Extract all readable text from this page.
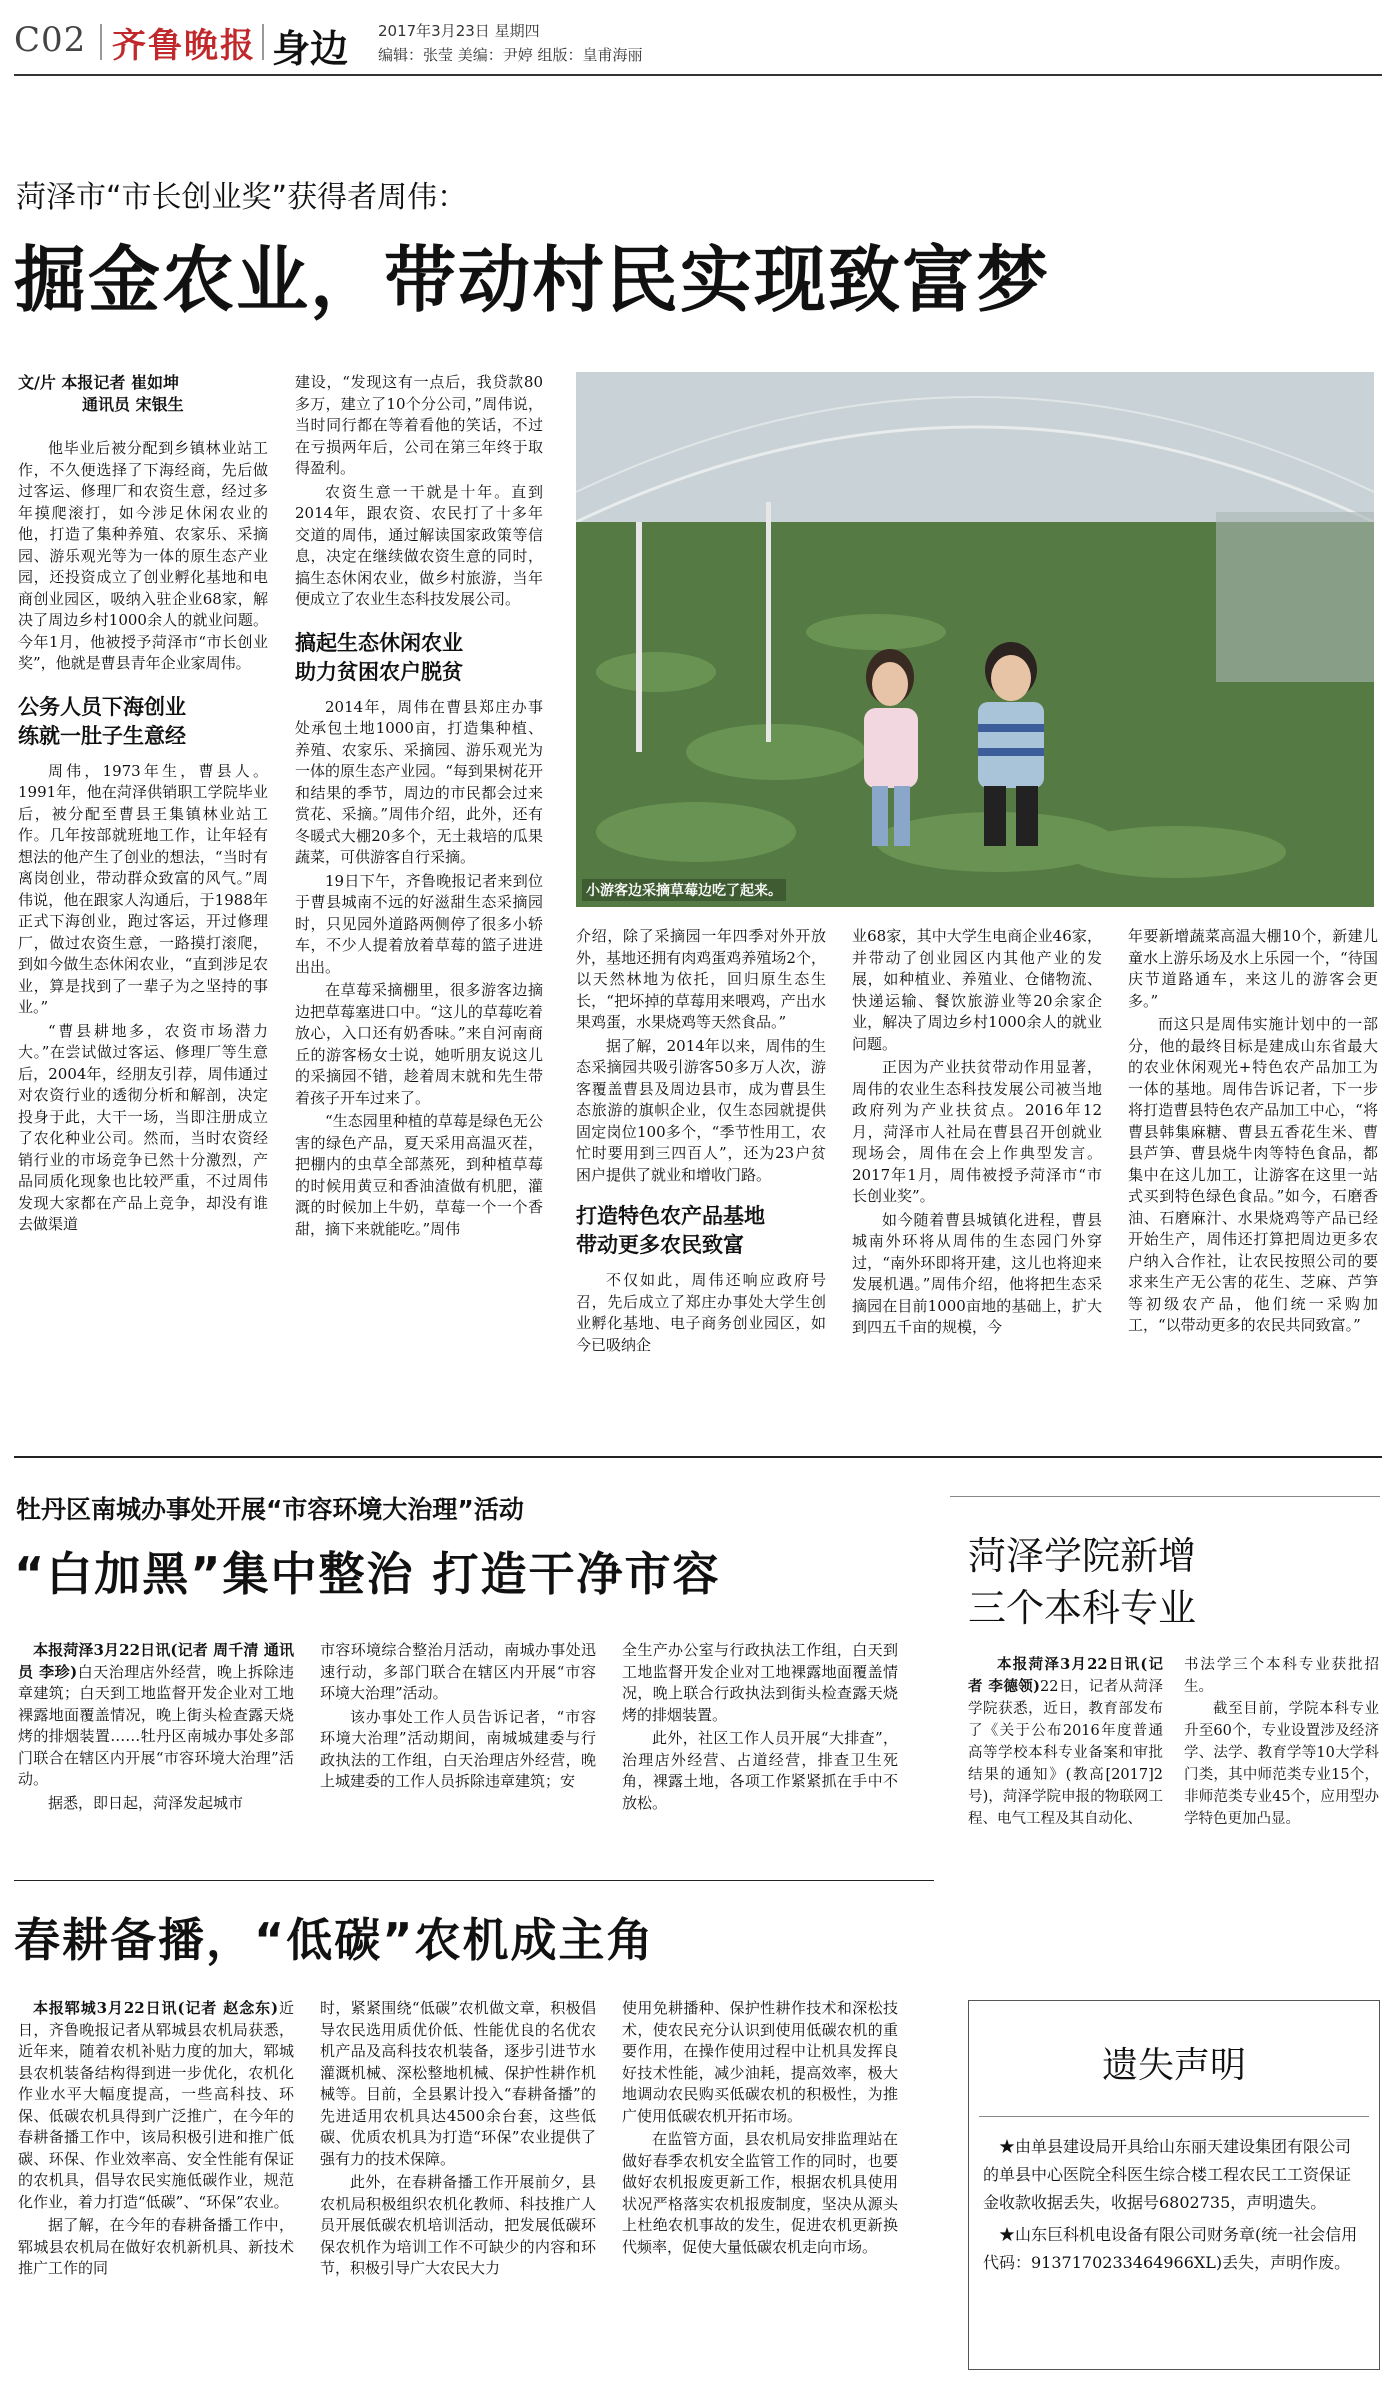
C02 齐鲁晚报 身边 2017年3月23日 星期四
编辑：张莹 美编：尹婷 组版：皇甫海丽
菏泽市“市长创业奖”获得者周伟：
掘金农业，带动村民实现致富梦
文/片 本报记者 崔如坤
通讯员 宋银生

他毕业后被分配到乡镇林业站工作，不久便选择了下海经商，先后做过客运、修理厂和农资生意，经过多年摸爬滚打，如今涉足休闲农业的他，打造了集种养殖、农家乐、采摘园、游乐观光等为一体的原生态产业园，还投资成立了创业孵化基地和电商创业园区，吸纳入驻企业68家，解决了周边乡村1000余人的就业问题。今年1月，他被授予菏泽市“市长创业奖”，他就是曹县青年企业家周伟。

公务人员下海创业
练就一肚子生意经

周伟，1973年生，曹县人。1991年，他在菏泽供销职工学院毕业后，被分配至曹县王集镇林业站工作。几年按部就班地工作，让年轻有想法的他产生了创业的想法，“当时有离岗创业，带动群众致富的风气。”周伟说，他在跟家人沟通后，于1988年正式下海创业，跑过客运，开过修理厂，做过农资生意，一路摸打滚爬，到如今做生态休闲农业，“直到涉足农业，算是找到了一辈子为之坚持的事业。”

“曹县耕地多，农资市场潜力大。”在尝试做过客运、修理厂等生意后，2004年，经朋友引荐，周伟通过对农资行业的透彻分析和解剖，决定投身于此，大干一场，当即注册成立了农化种业公司。然而，当时农资经销行业的市场竞争已然十分激烈，产品同质化现象也比较严重，不过周伟发现大家都在产品上竞争，却没有谁去做渠道

建设，“发现这有一点后，我贷款80多万，建立了10个分公司，”周伟说，当时同行都在等着看他的笑话，不过在亏损两年后，公司在第三年终于取得盈利。

农资生意一干就是十年。直到2014年，跟农资、农民打了十多年交道的周伟，通过解读国家政策等信息，决定在继续做农资生意的同时，搞生态休闲农业，做乡村旅游，当年便成立了农业生态科技发展公司。

搞起生态休闲农业
助力贫困农户脱贫

2014年，周伟在曹县郑庄办事处承包土地1000亩，打造集种植、养殖、农家乐、采摘园、游乐观光为一体的原生态产业园。“每到果树花开和结果的季节，周边的市民都会过来赏花、采摘。”周伟介绍，此外，还有冬暖式大棚20多个，无土栽培的瓜果蔬菜，可供游客自行采摘。

19日下午，齐鲁晚报记者来到位于曹县城南不远的好滋甜生态采摘园时，只见园外道路两侧停了很多小轿车，不少人提着放着草莓的篮子进进出出。

在草莓采摘棚里，很多游客边摘边把草莓塞进口中。“这儿的草莓吃着放心，入口还有奶香味。”来自河南商丘的游客杨女士说，她听朋友说这儿的采摘园不错，趁着周末就和先生带着孩子开车过来了。

“生态园里种植的草莓是绿色无公害的绿色产品，夏天采用高温灭茬，把棚内的虫草全部蒸死，到种植草莓的时候用黄豆和香油渣做有机肥，灌溉的时候加上牛奶，草莓一个一个香甜，摘下来就能吃。”周伟

小游客边采摘草莓边吃了起来。

介绍，除了采摘园一年四季对外开放外，基地还拥有肉鸡蛋鸡养殖场2个，以天然林地为依托，回归原生态生长，“把坏掉的草莓用来喂鸡，产出水果鸡蛋，水果烧鸡等天然食品。”

据了解，2014年以来，周伟的生态采摘园共吸引游客50多万人次，游客覆盖曹县及周边县市，成为曹县生态旅游的旗帜企业，仅生态园就提供固定岗位100多个，“季节性用工，农忙时要用到三四百人”，还为23户贫困户提供了就业和增收门路。

打造特色农产品基地
带动更多农民致富

不仅如此，周伟还响应政府号召，先后成立了郑庄办事处大学生创业孵化基地、电子商务创业园区，如今已吸纳企

业68家，其中大学生电商企业46家，并带动了创业园区内其他产业的发展，如种植业、养殖业、仓储物流、快递运输、餐饮旅游业等20余家企业，解决了周边乡村1000余人的就业问题。

正因为产业扶贫带动作用显著，周伟的农业生态科技发展公司被当地政府列为产业扶贫点。2016年12月，菏泽市人社局在曹县召开创就业现场会，周伟在会上作典型发言。2017年1月，周伟被授予菏泽市“市长创业奖”。

如今随着曹县城镇化进程，曹县城南外环将从周伟的生态园门外穿过，“南外环即将开建，这儿也将迎来发展机遇。”周伟介绍，他将把生态采摘园在目前1000亩地的基础上，扩大到四五千亩的规模，今

年要新增蔬菜高温大棚10个，新建儿童水上游乐场及水上乐园一个，“待国庆节道路通车，来这儿的游客会更多。”

而这只是周伟实施计划中的一部分，他的最终目标是建成山东省最大的农业休闲观光+特色农产品加工为一体的基地。周伟告诉记者，下一步将打造曹县特色农产品加工中心，“将曹县韩集麻糖、曹县五香花生米、曹县芦笋、曹县烧牛肉等特色食品，都集中在这儿加工，让游客在这里一站式买到特色绿色食品。”如今，石磨香油、石磨麻汁、水果烧鸡等产品已经开始生产，周伟还打算把周边更多农户纳入合作社，让农民按照公司的要求来生产无公害的花生、芝麻、芦笋等初级农产品，他们统一采购加工，“以带动更多的农民共同致富。”

牡丹区南城办事处开展“市容环境大治理”活动
“白加黑”集中整治 打造干净市容

本报菏泽3月22日讯(记者 周千清 通讯员 李珍)白天治理店外经营，晚上拆除违章建筑；白天到工地监督开发企业对工地裸露地面覆盖情况，晚上街头检查露天烧烤的排烟装置……牡丹区南城办事处多部门联合在辖区内开展“市容环境大治理”活动。

据悉，即日起，菏泽发起城市

市容环境综合整治月活动，南城办事处迅速行动，多部门联合在辖区内开展“市容环境大治理”活动。

该办事处工作人员告诉记者，“市容环境大治理”活动期间，南城城建委与行政执法的工作组，白天治理店外经营，晚上城建委的工作人员拆除违章建筑；安

全生产办公室与行政执法工作组，白天到工地监督开发企业对工地裸露地面覆盖情况，晚上联合行政执法到街头检查露天烧烤的排烟装置。

此外，社区工作人员开展“大排查”，治理店外经营、占道经营，排查卫生死角，裸露土地，各项工作紧紧抓在手中不放松。

菏泽学院新增
三个本科专业

本报菏泽3月22日讯(记者 李德领)22日，记者从菏泽学院获悉，近日，教育部发布了《关于公布2016年度普通高等学校本科专业备案和审批结果的通知》(教高[2017]2号)，菏泽学院申报的物联网工程、电气工程及其自动化、

书法学三个本科专业获批招生。

截至目前，学院本科专业升至60个，专业设置涉及经济学、法学、教育学等10大学科门类，其中师范类专业15个，非师范类专业45个，应用型办学特色更加凸显。

春耕备播，“低碳”农机成主角

本报郓城3月22日讯(记者 赵念东)近日，齐鲁晚报记者从郓城县农机局获悉，近年来，随着农机补贴力度的加大，郓城县农机装备结构得到进一步优化，农机化作业水平大幅度提高，一些高科技、环保、低碳农机具得到广泛推广，在今年的春耕备播工作中，该局积极引进和推广低碳、环保、作业效率高、安全性能有保证的农机具，倡导农民实施低碳作业，规范化作业，着力打造“低碳”、“环保”农业。

据了解，在今年的春耕备播工作中，郓城县农机局在做好农机新机具、新技术推广工作的同

时，紧紧围绕“低碳”农机做文章，积极倡导农民选用质优价低、性能优良的名优农机产品及高科技农机装备，逐步引进节水灌溉机械、深松整地机械、保护性耕作机械等。目前，全县累计投入“春耕备播”的先进适用农机具达4500余台套，这些低碳、优质农机具为打造“环保”农业提供了强有力的技术保障。

此外，在春耕备播工作开展前夕，县农机局积极组织农机化教师、科技推广人员开展低碳农机培训活动，把发展低碳环保农机作为培训工作不可缺少的内容和环节，积极引导广大农民大力

使用免耕播种、保护性耕作技术和深松技术，使农民充分认识到使用低碳农机的重要作用，在操作使用过程中让机具发挥良好技术性能，减少油耗，提高效率，极大地调动农民购买低碳农机的积极性，为推广使用低碳农机开拓市场。

在监管方面，县农机局安排监理站在做好春季农机安全监管工作的同时，也要做好农机报废更新工作，根据农机具使用状况严格落实农机报废制度，坚决从源头上杜绝农机事故的发生，促进农机更新换代频率，促使大量低碳农机走向市场。

遗失声明
★由单县建设局开具给山东丽天建设集团有限公司的单县中心医院全科医生综合楼工程农民工工资保证金收款收据丢失，收据号6802735，声明遗失。
★山东巨科机电设备有限公司财务章(统一社会信用代码：91371702334649​66XL)丢失，声明作废。
